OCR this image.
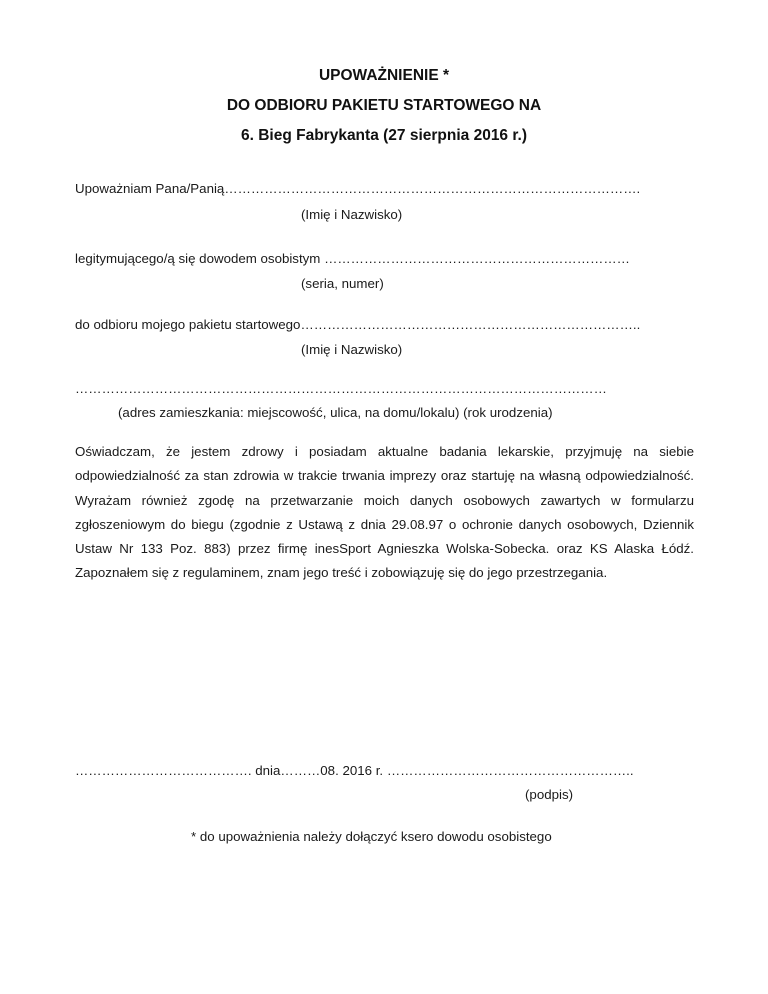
UPOWAŻNIENIE *
DO ODBIORU PAKIETU STARTOWEGO NA
6. Bieg Fabrykanta (27 sierpnia 2016 r.)
Upoważniam Pana/Panią………………………………………………………………………………….
(Imię i Nazwisko)
legitymującego/ą się dowodem osobistym ……………………………………………………………
(seria, numer)
do odbioru mojego pakietu startowego…………………………………………………………………..
(Imię i Nazwisko)
…………………………………………………………………………………………………………
(adres zamieszkania: miejscowość, ulica, na domu/lokalu) (rok urodzenia)
Oświadczam, że jestem zdrowy i posiadam aktualne badania lekarskie, przyjmuję na siebie odpowiedzialność za stan zdrowia w trakcie trwania imprezy oraz startuję na własną odpowiedzialność. Wyrażam również zgodę na przetwarzanie moich danych osobowych zawartych w formularzu zgłoszeniowym do biegu (zgodnie z Ustawą z dnia 29.08.97 o ochronie danych osobowych, Dziennik Ustaw Nr 133 Poz. 883) przez firmę inesSport Agnieszka Wolska-Sobecka. oraz KS Alaska Łódź. Zapoznałem się z regulaminem, znam jego treść i zobowiązuję się do jego przestrzegania.
…………………………………. dnia………08. 2016 r. ………………………………………………..
(podpis)
* do upoważnienia należy dołączyć ksero dowodu osobistego
